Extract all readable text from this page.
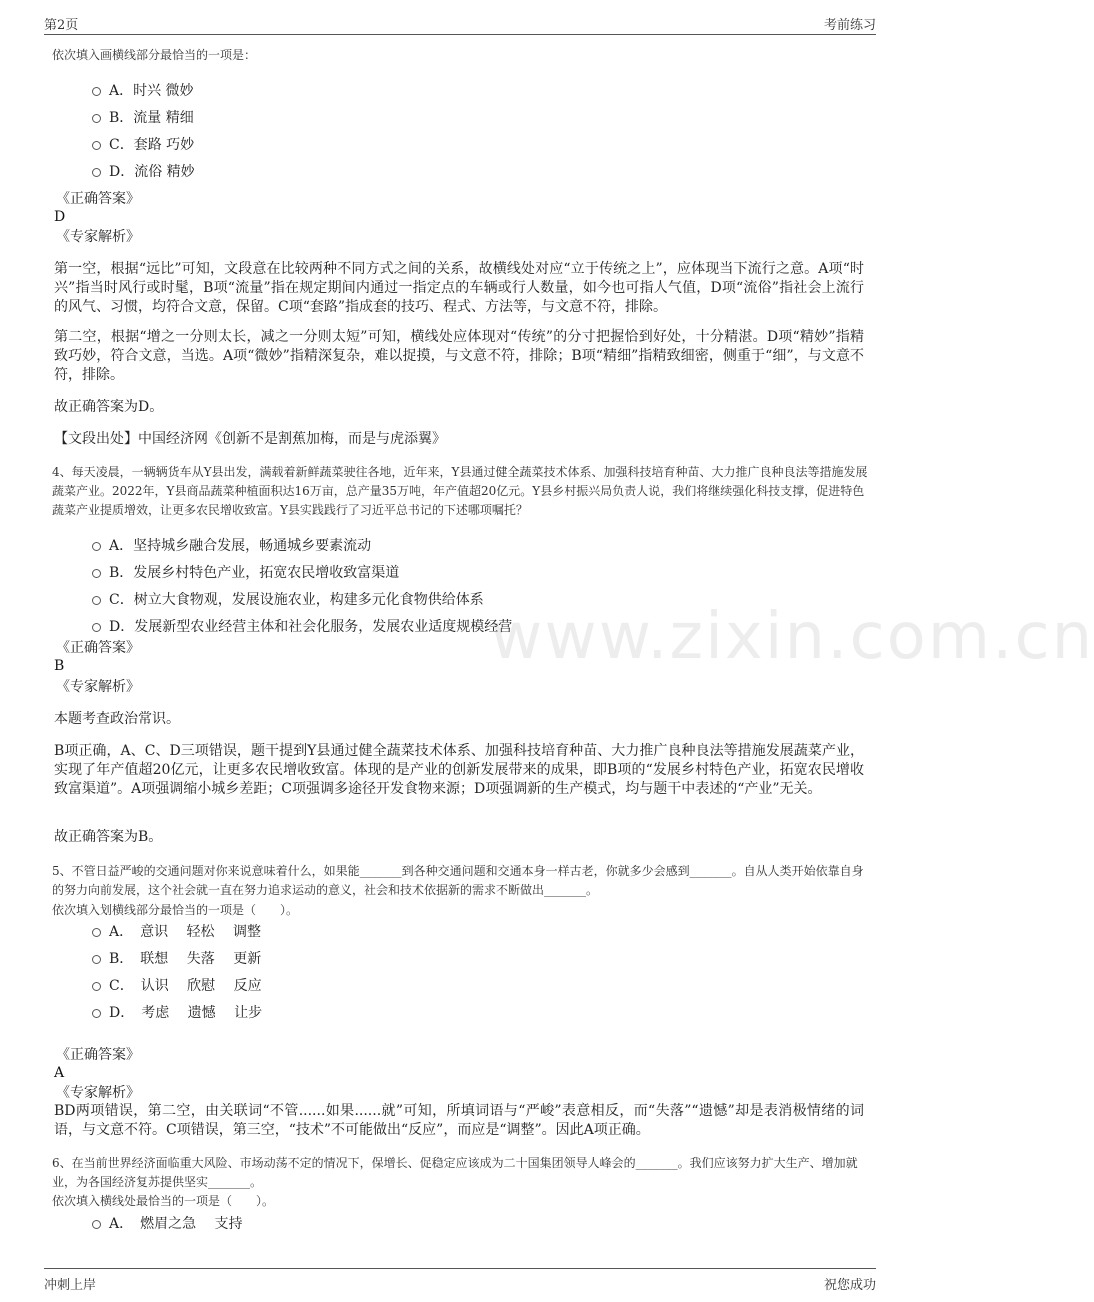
第2页	考前练习
依次填入画横线部分最恰当的一项是：
A．时兴 微妙
B．流量 精细
C．套路 巧妙
D．流俗 精妙
《正确答案》
D
《专家解析》
第一空，根据“远比”可知，文段意在比较两种不同方式之间的关系，故横线处对应“立于传统之上”，应体现当下流行之意。A项“时兴”指当时风行或时髦，B项“流量”指在规定期间内通过一指定点的车辆或行人数量，如今也可指人气值，D项“流俗”指社会上流行的风气、习惯，均符合文意，保留。C项“套路”指成套的技巧、程式、方法等，与文意不符，排除。
第二空，根据“增之一分则太长，减之一分则太短”可知，横线处应体现对“传统”的分寸把握恰到好处，十分精湛。D项“精妙”指精致巧妙，符合文意，当选。A项“微妙”指精深复杂，难以捉摸，与文意不符，排除；B项“精细”指精致细密，侧重于“细”，与文意不符，排除。
故正确答案为D。
【文段出处】中国经济网《创新不是割蕉加梅，而是与虎添翼》
4、每天凌晨，一辆辆货车从Y县出发，满载着新鲜蔬菜驶往各地，近年来，Y县通过健全蔬菜技术体系、加强科技培育种苗、大力推广良种良法等措施发展蔬菜产业。2022年，Y县商品蔬菜种植面积达16万亩，总产量35万吨，年产值超20亿元。Y县乡村振兴局负责人说，我们将继续强化科技支撑，促进特色蔬菜产业提质增效，让更多农民增收致富。Y县实践践行了习近平总书记的下述哪项嘱托？
A．坚持城乡融合发展，畅通城乡要素流动
B．发展乡村特色产业，拓宽农民增收致富渠道
C．树立大食物观，发展设施农业，构建多元化食物供给体系
D．发展新型农业经营主体和社会化服务，发展农业适度规模经营
《正确答案》
B
《专家解析》
本题考查政治常识。
B项正确，A、C、D三项错误，题干提到Y县通过健全蔬菜技术体系、加强科技培育种苗、大力推广良种良法等措施发展蔬菜产业，实现了年产值超20亿元，让更多农民增收致富。体现的是产业的创新发展带来的成果，即B项的“发展乡村特色产业，拓宽农民增收致富渠道”。A项强调缩小城乡差距；C项强调多途径开发食物来源；D项强调新的生产模式，均与题干中表述的“产业”无关。
故正确答案为B。
5、不管日益严峻的交通问题对你来说意味着什么，如果能_______到各种交通问题和交通本身一样古老，你就多少会感到_______。自从人类开始依靠自身的努力向前发展，这个社会就一直在努力追求运动的意义，社会和技术依据新的需求不断做出_______。
依次填入划横线部分最恰当的一项是（　　）。
A．　意识　 轻松　 调整
B．　联想　 失落　 更新
C．　认识　 欣慰　 反应
D．　考虑　 遗憾　 让步
《正确答案》
A
《专家解析》
BD两项错误，第二空，由关联词“不管......如果......就”可知，所填词语与“严峻”表意相反，而“失落”“遗憾”却是表消极情绪的词语，与文意不符。C项错误，第三空，“技术”不可能做出“反应”，而应是“调整”。因此A项正确。
6、在当前世界经济面临重大风险、市场动荡不定的情况下，保增长、促稳定应该成为二十国集团领导人峰会的_______。我们应该努力扩大生产、增加就业，为各国经济复苏提供坚实_______。
依次填入横线处最恰当的一项是（　　）。
A．　燃眉之急　 支持
www.zixin.com.cn
冲刺上岸	祝您成功
